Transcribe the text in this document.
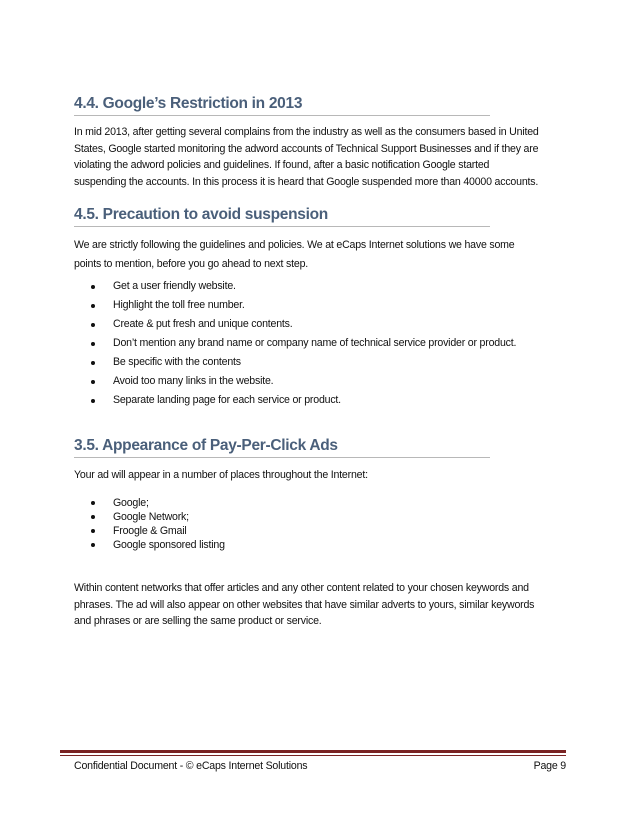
4.4. Google’s Restriction in 2013
In mid 2013, after getting several complains from the industry as well as the consumers based in United
States, Google started monitoring the adword accounts of Technical Support Businesses and if they are
violating the adword policies and guidelines. If found, after a basic notification Google started
suspending the accounts. In this process it is heard that Google suspended more than 40000 accounts.
4.5. Precaution to avoid suspension
We are strictly following the guidelines and policies. We at eCaps Internet solutions we have some
points to mention, before you go ahead to next step.
Get a user friendly website.
Highlight the toll free number.
Create & put fresh and unique contents.
Don’t mention any brand name or company name of technical service provider or product.
Be specific with the contents
Avoid too many links in the website.
Separate landing page for each service or product.
3.5. Appearance of Pay-Per-Click Ads
Your ad will appear in a number of places throughout the Internet:
Google;
Google Network;
Froogle & Gmail
Google sponsored listing
Within content networks that offer articles and any other content related to your chosen keywords and
phrases. The ad will also appear on other websites that have similar adverts to yours, similar keywords
and phrases or are selling the same product or service.
Confidential Document - © eCaps Internet Solutions	Page 9
